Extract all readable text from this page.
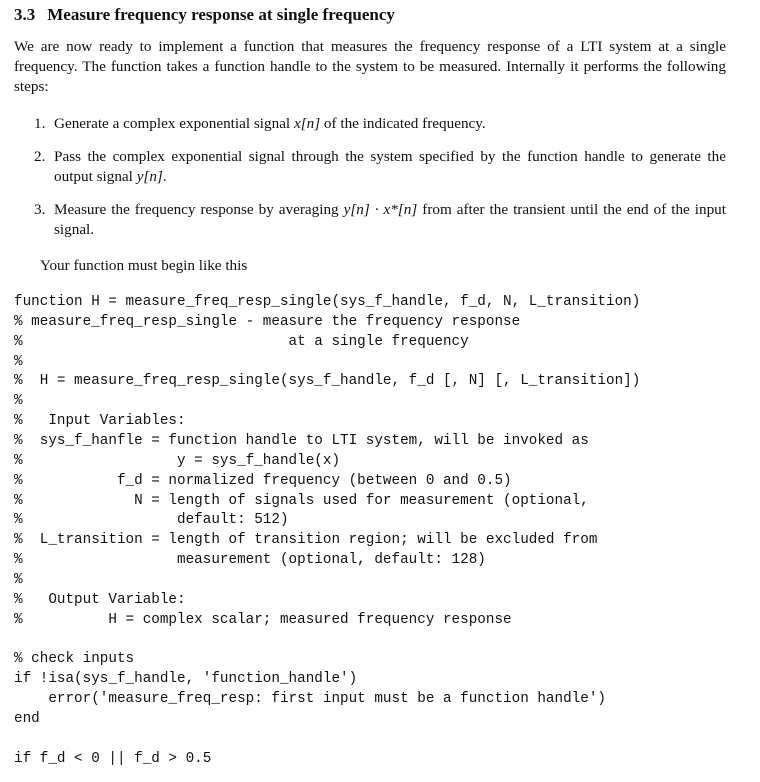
3.3 Measure frequency response at single frequency

We are now ready to implement a function that measures the frequency response of a LTI system at a single frequency. The function takes a function handle to the system to be measured. Internally it performs the following steps:

1. Generate a complex exponential signal x[n] of the indicated frequency.
2. Pass the complex exponential signal through the system specified by the function handle to generate the output signal y[n].
3. Measure the frequency response by averaging y[n] · x*[n] from after the transient until the end of the input signal.
Your function must begin like this
function H = measure_freq_resp_single(sys_f_handle, f_d, N, L_transition)
% measure_freq_resp_single - measure the frequency response
%                               at a single frequency
%
%  H = measure_freq_resp_single(sys_f_handle, f_d [, N] [, L_transition])
%
%   Input Variables:
%  sys_f_hanfle = function handle to LTI system, will be invoked as
%                  y = sys_f_handle(x)
%           f_d = normalized frequency (between 0 and 0.5)
%             N = length of signals used for measurement (optional,
%                  default: 512)
%  L_transition = length of transition region; will be excluded from
%                  measurement (optional, default: 128)
%
%   Output Variable:
%          H = complex scalar; measured frequency response
% check inputs
if !isa(sys_f_handle, 'function_handle')
error('measure_freq_resp: first input must be a function handle')
end
if f_d < 0 || f_d > 0.5
